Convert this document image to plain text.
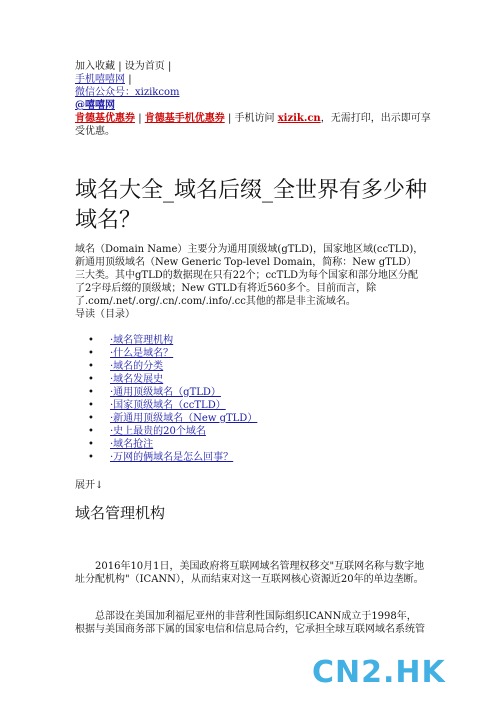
加入收藏 | 设为首页 |
手机嘻嘻网 |
微信公众号：xizikcom
@嘻嘻网
肯德基优惠券 | 肯德基手机优惠券 | 手机访问 xizik.cn，无需打印，出示即可享受优惠。
域名大全_域名后缀_全世界有多少种域名？

域名（Domain Name）主要分为通用顶级域(gTLD)，国家地区域(ccTLD)，新通用顶级域名（New Generic Top-level Domain，简称：New gTLD）三大类。其中gTLD的数据现在只有22个；ccTLD为每个国家和部分地区分配了2字母后缀的顶级域；New GTLD有将近560多个。目前而言，除了.com/.net/.org/.cn/.com/.info/.cc其他的都是非主流域名。

导读（目录）

• ·域名管理机构
• ·什么是域名？
• ·域名的分类
• ·域名发展史
• ·通用顶级域名（gTLD）
• ·国家顶级域名（ccTLD）
• ·新通用顶级域名（New gTLD）
• ·史上最贵的20个域名
• ·域名抢注
• ·万网的俩域名是怎么回事？
展开↓
域名管理机构

2016年10月1日，美国政府将互联网域名管理权移交"互联网名称与数字地址分配机构"（ICANN），从而结束对这一互联网核心资源近20年的单边垄断。

总部设在美国加利福尼亚州的非营利性国际组织ICANN成立于1998年，根据与美国商务部下属的国家电信和信息局合约，它承担全球互联网域名系统管

CN2.HK
